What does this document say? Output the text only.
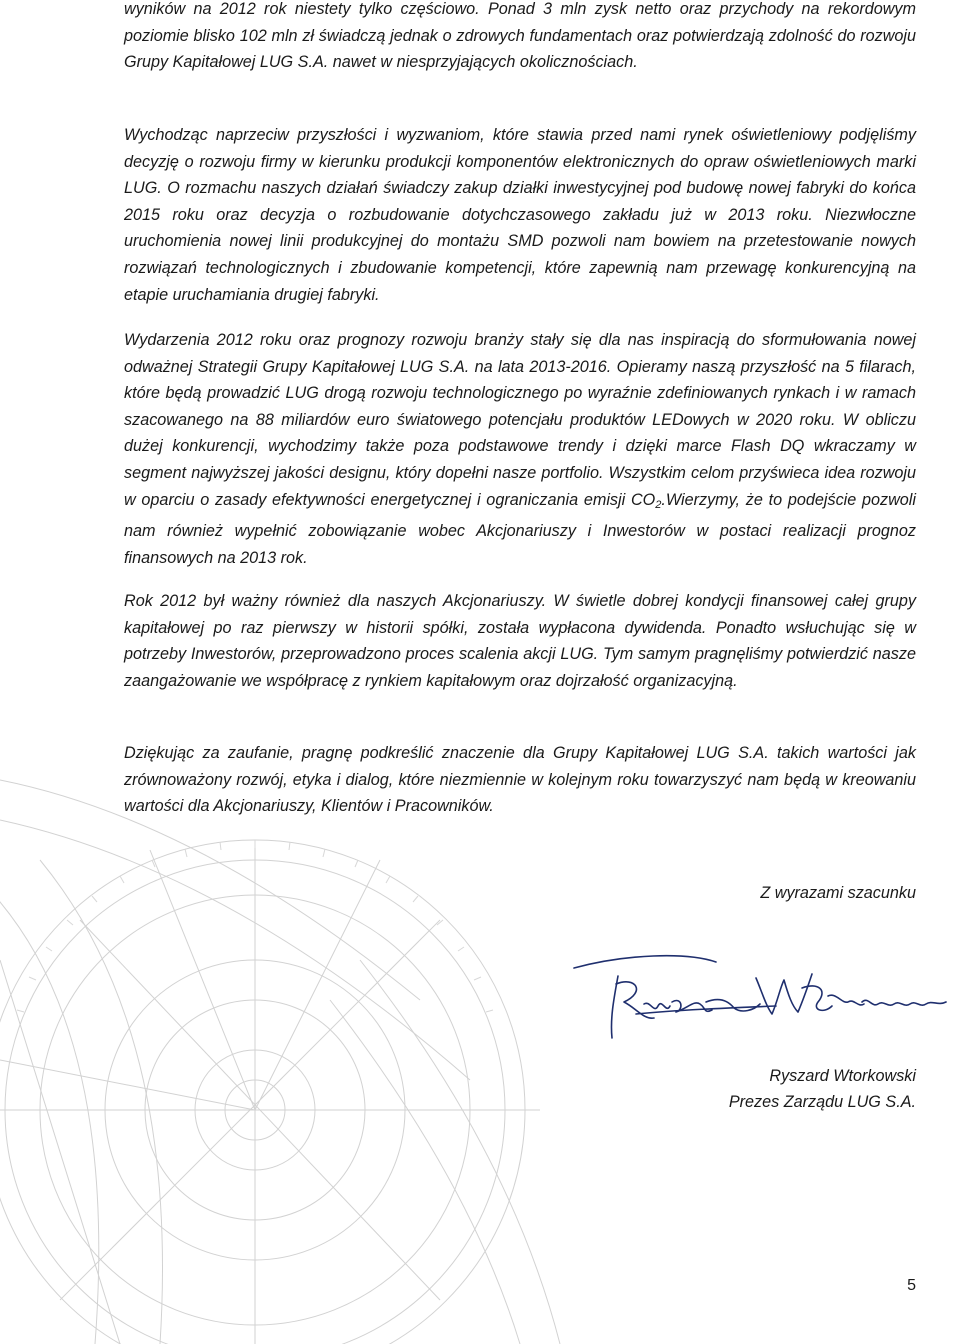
wyników na 2012 rok niestety tylko częściowo. Ponad 3 mln zysk netto oraz przychody na rekordowym poziomie blisko 102 mln zł świadczą jednak o zdrowych fundamentach oraz potwierdzają zdolność do rozwoju Grupy Kapitałowej LUG S.A. nawet w niesprzyjających okolicznościach.

Wychodząc naprzeciw przyszłości i wyzwaniom, które stawia przed nami rynek oświetleniowy podjęliśmy decyzję o rozwoju firmy w kierunku produkcji komponentów elektronicznych do opraw oświetleniowych marki LUG. O rozmachu naszych działań świadczy zakup działki inwestycyjnej pod budowę nowej fabryki do końca 2015 roku oraz decyzja o rozbudowanie dotychczasowego zakładu już w 2013 roku. Niezwłoczne uruchomienia nowej linii produkcyjnej do montażu SMD pozwoli nam bowiem na przetestowanie nowych rozwiązań technologicznych i zbudowanie kompetencji, które zapewnią nam przewagę konkurencyjną na etapie uruchamiania drugiej fabryki.

Wydarzenia 2012 roku oraz prognozy rozwoju branży stały się dla nas inspiracją do sformułowania nowej odważnej Strategii Grupy Kapitałowej LUG S.A. na lata 2013-2016. Opieramy naszą przyszłość na 5 filarach, które będą prowadzić LUG drogą rozwoju technologicznego po wyraźnie zdefiniowanych rynkach i w ramach szacowanego na 88 miliardów euro światowego potencjału produktów LEDowych w 2020 roku. W obliczu dużej konkurencji, wychodzimy także poza podstawowe trendy i dzięki marce Flash DQ wkraczamy w segment najwyższej jakości designu, który dopełni nasze portfolio. Wszystkim celom przyświeca idea rozwoju w oparciu o zasady efektywności energetycznej i ograniczania emisji $CO_2.Wierzymy$, że to podejście pozwoli nam również wypełnić zobowiązanie wobec Akcjonariuszy i Inwestorów w postaci realizacji prognoz finansowych na 2013 rok.

Rok 2012 był ważny również dla naszych Akcjonariuszy. W świetle dobrej kondycji finansowej całej grupy kapitałowej po raz pierwszy w historii spółki, została wypłacona dywidenda. Ponadto wsłuchując się w potrzeby Inwestorów, przeprowadzono proces scalenia akcji LUG. Tym samym pragnęliśmy potwierdzić nasze zaangażowanie we współpracę z rynkiem kapitałowym oraz dojrzałość organizacyjną.

Dziękując za zaufanie, pragnę podkreślić znaczenie dla Grupy Kapitałowej LUG S.A. takich wartości jak zrównoważony rozwój, etyka i dialog, które niezmiennie w kolejnym roku towarzyszyć nam będą w kreowaniu wartości dla Akcjonariuszy, Klientów i Pracowników.

Z wyrazami szacunku
Ryszard Wtorkowski
Prezes Zarządu LUG S.A.
5
